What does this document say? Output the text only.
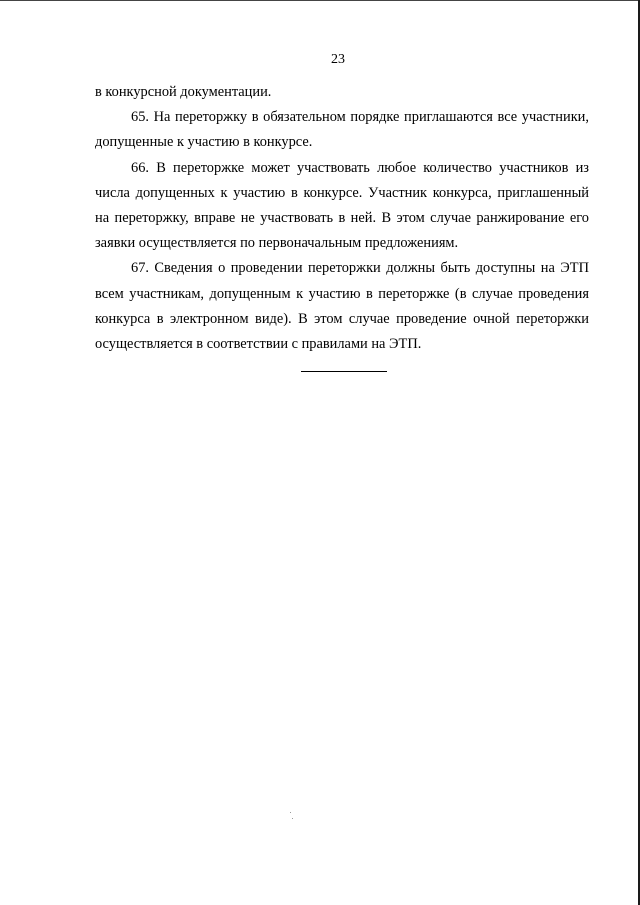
23

в конкурсной документации.

65. На переторжку в обязательном порядке приглашаются все участники, допущенные к участию в конкурсе.

66. В переторжке может участвовать любое количество участников из числа допущенных к участию в конкурсе. Участник конкурса, приглашенный на переторжку, вправе не участвовать в ней. В этом случае ранжирование его заявки осуществляется по первоначальным предложениям.

67. Сведения о проведении переторжки должны быть доступны на ЭТП всем участникам, допущенным к участию в переторжке (в случае проведения конкурса в электронном виде). В этом случае проведение очной переторжки осуществляется в соответствии с правилами на ЭТП.
